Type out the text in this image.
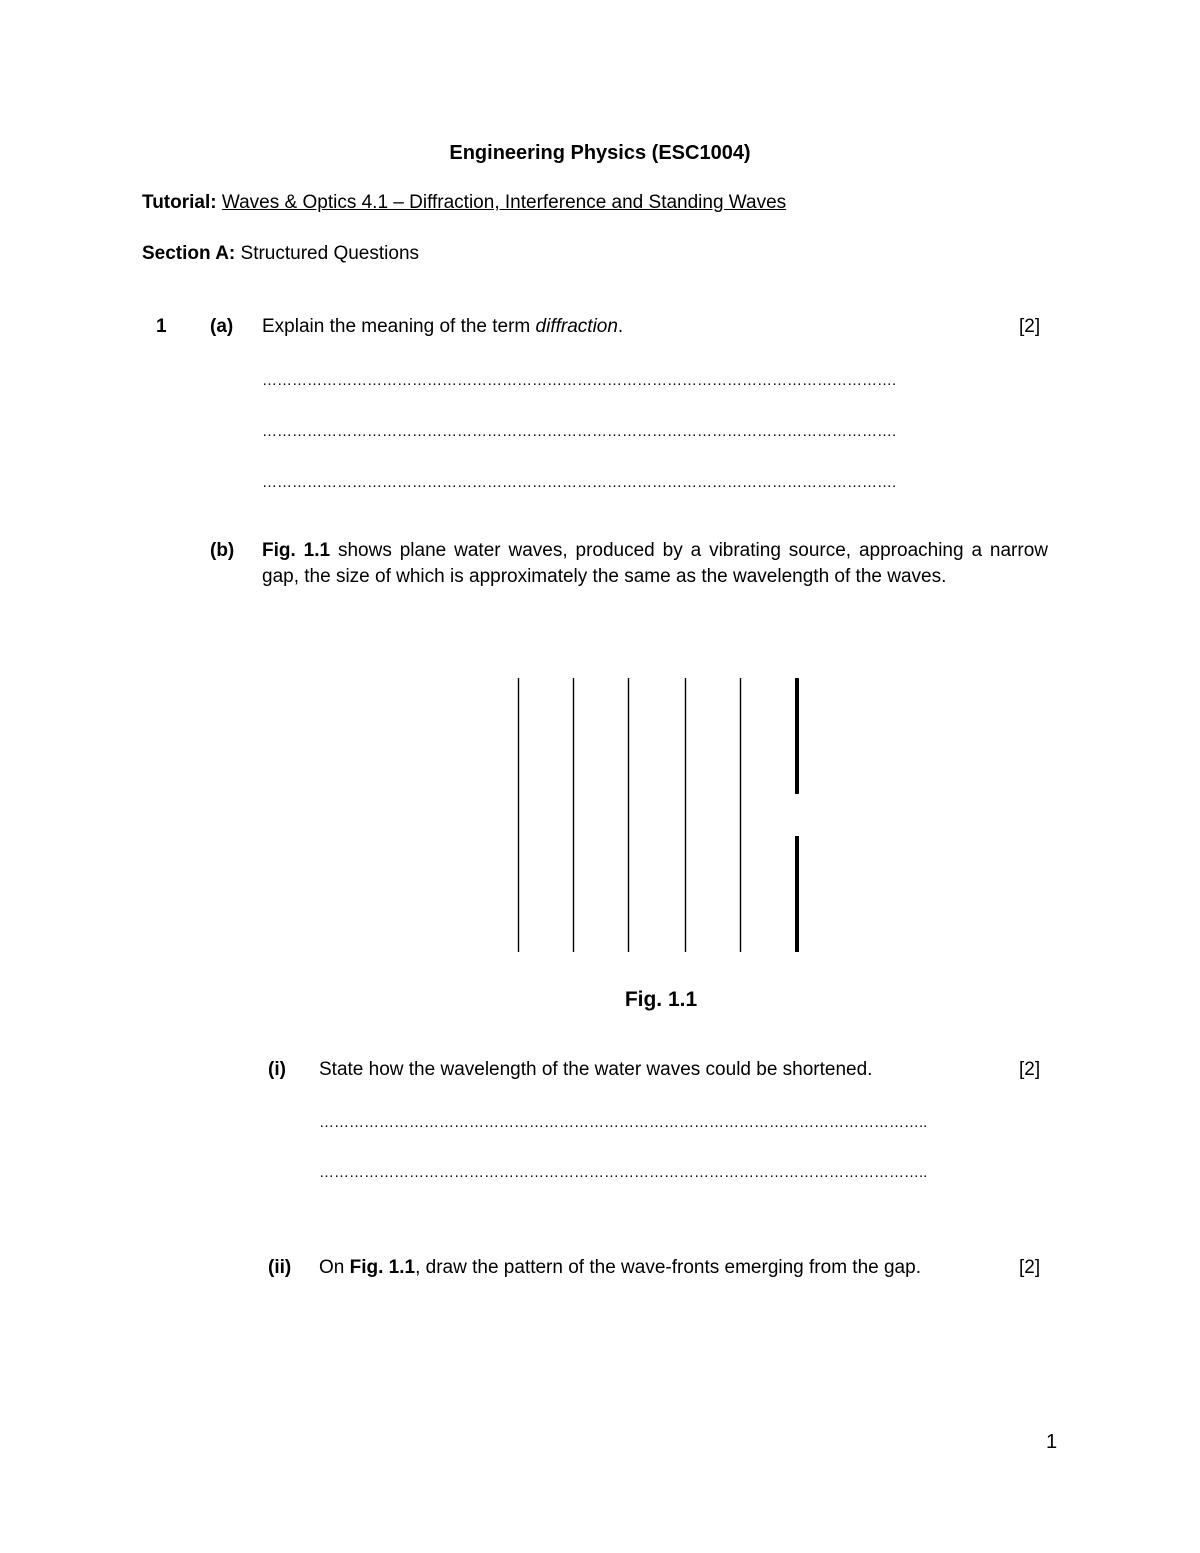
Engineering Physics (ESC1004)
Tutorial: Waves & Optics 4.1 – Diffraction, Interference and Standing Waves
Section A: Structured Questions
1 (a) Explain the meaning of the term diffraction.	[2]
……………………………………………………………………………………………………………….
……………………………………………………………………………………………………………….
……………………………………………………………………………………………………………….
(b) Fig. 1.1 shows plane water waves, produced by a vibrating source, approaching a narrow gap, the size of which is approximately the same as the wavelength of the waves.
Fig. 1.1
(i) State how the wavelength of the water waves could be shortened.	[2]
…………………………………………………………………………………………………………..
…………………………………………………………………………………………………………..
(ii) On Fig. 1.1, draw the pattern of the wave-fronts emerging from the gap.	[2]
1
